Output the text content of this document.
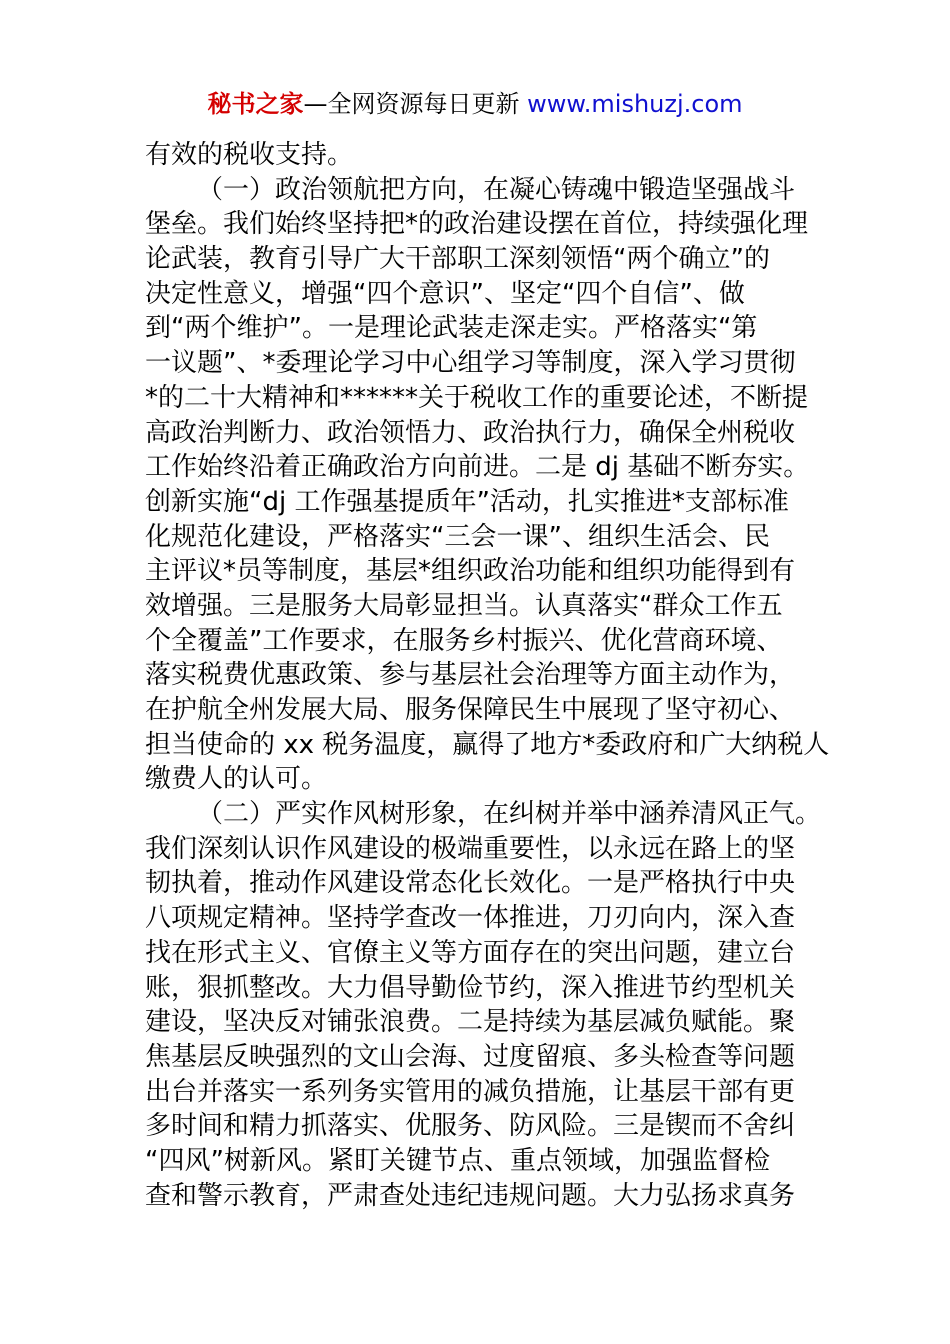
秘书之家—全网资源每日更新 www.mishuzj.com
有效的税收支持。
（一）政治领航把方向，在凝心铸魂中锻造坚强战斗
堡垒。我们始终坚持把*的政治建设摆在首位，持续强化理
论武装，教育引导广大干部职工深刻领悟“两个确立”的
决定性意义，增强“四个意识”、坚定“四个自信”、做
到“两个维护”。一是理论武装走深走实。严格落实“第
一议题”、*委理论学习中心组学习等制度，深入学习贯彻
*的二十大精神和******关于税收工作的重要论述，不断提
高政治判断力、政治领悟力、政治执行力，确保全州税收
工作始终沿着正确政治方向前进。二是 dj 基础不断夯实。
创新实施“dj 工作强基提质年”活动，扎实推进*支部标准
化规范化建设，严格落实“三会一课”、组织生活会、民
主评议*员等制度，基层*组织政治功能和组织功能得到有
效增强。三是服务大局彰显担当。认真落实“群众工作五
个全覆盖”工作要求，在服务乡村振兴、优化营商环境、
落实税费优惠政策、参与基层社会治理等方面主动作为，
在护航全州发展大局、服务保障民生中展现了坚守初心、
担当使命的 xx 税务温度，赢得了地方*委政府和广大纳税人
缴费人的认可。
（二）严实作风树形象，在纠树并举中涵养清风正气。
我们深刻认识作风建设的极端重要性，以永远在路上的坚
韧执着，推动作风建设常态化长效化。一是严格执行中央
八项规定精神。坚持学查改一体推进，刀刃向内，深入查
找在形式主义、官僚主义等方面存在的突出问题，建立台
账，狠抓整改。大力倡导勤俭节约，深入推进节约型机关
建设，坚决反对铺张浪费。二是持续为基层减负赋能。聚
焦基层反映强烈的文山会海、过度留痕、多头检查等问题
出台并落实一系列务实管用的减负措施，让基层干部有更
多时间和精力抓落实、优服务、防风险。三是锲而不舍纠
“四风”树新风。紧盯关键节点、重点领域，加强监督检
查和警示教育，严肃查处违纪违规问题。大力弘扬求真务
